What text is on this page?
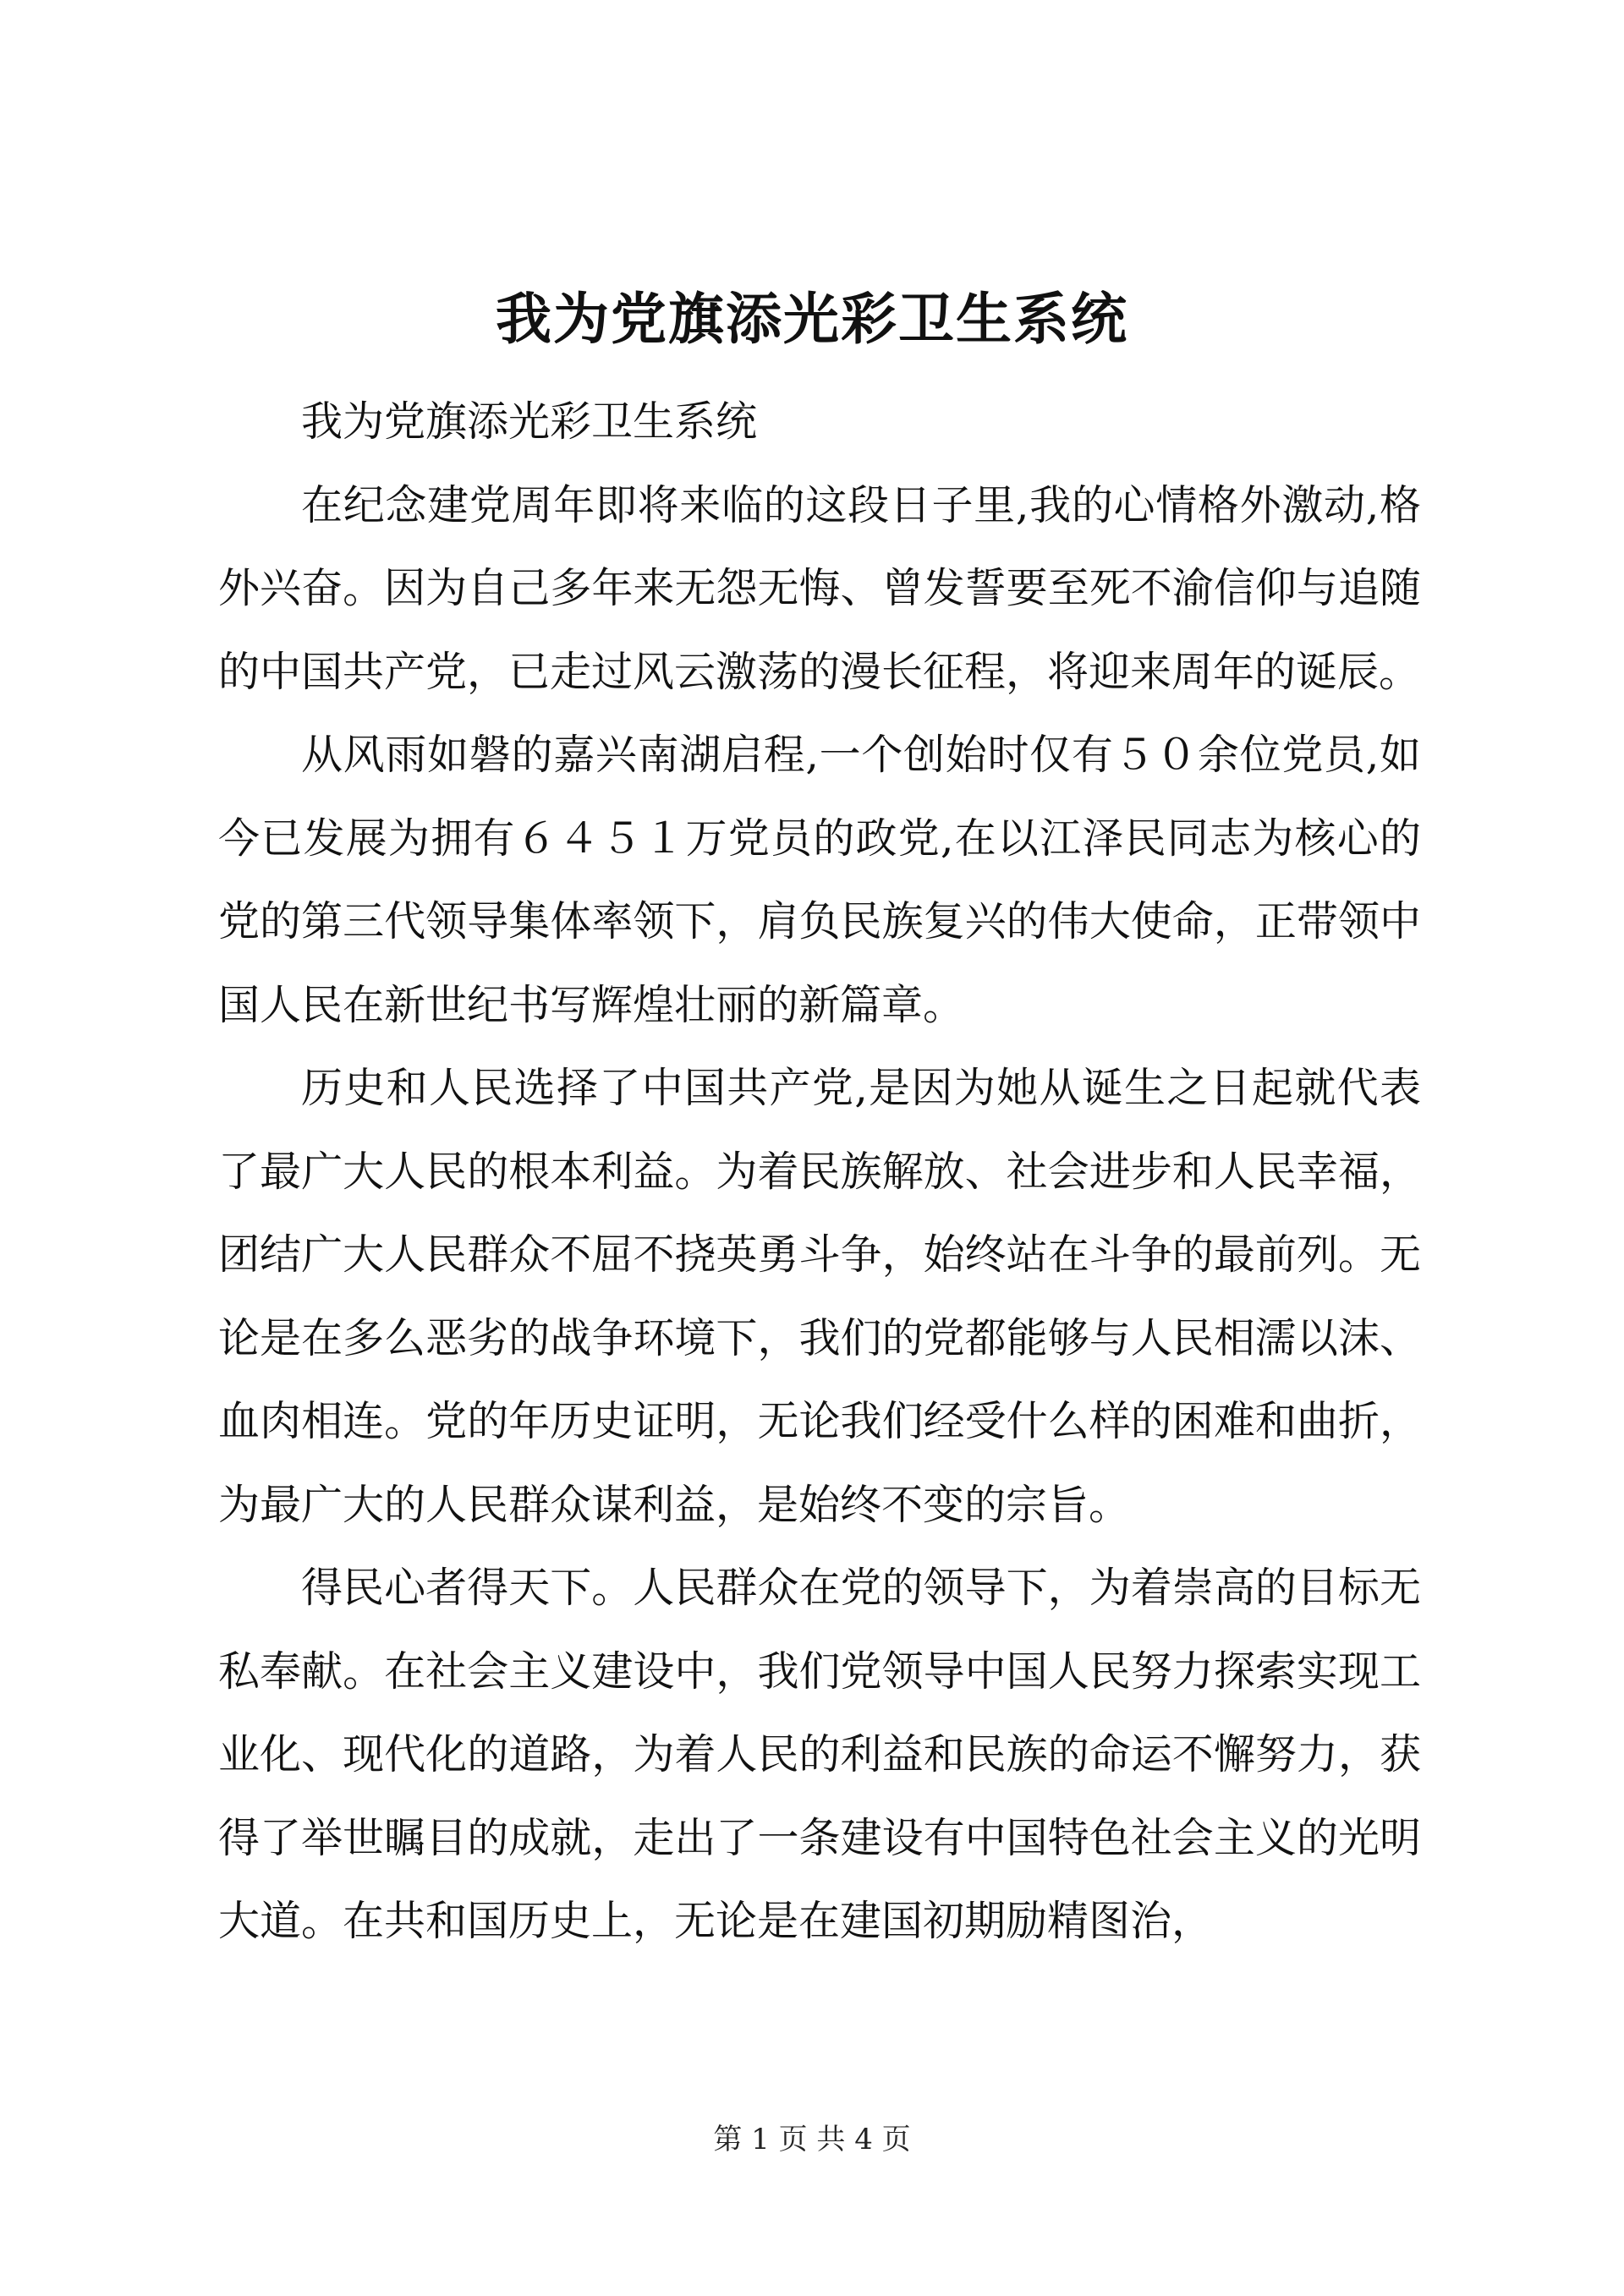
我为党旗添光彩卫生系统

我为党旗添光彩卫生系统

在纪念建党周年即将来临的这段日子里,我的心情格外激动,格外兴奋。因为自己多年来无怨无悔、曾发誓要至死不渝信仰与追随的中国共产党，已走过风云激荡的漫长征程，将迎来周年的诞辰。

从风雨如磐的嘉兴南湖启程,一个创始时仅有５０余位党员,如今已发展为拥有６４５１万党员的政党,在以江泽民同志为核心的党的第三代领导集体率领下，肩负民族复兴的伟大使命，正带领中国人民在新世纪书写辉煌壮丽的新篇章。

历史和人民选择了中国共产党,是因为她从诞生之日起就代表了最广大人民的根本利益。为着民族解放、社会进步和人民幸福，团结广大人民群众不屈不挠英勇斗争，始终站在斗争的最前列。无论是在多么恶劣的战争环境下，我们的党都能够与人民相濡以沫、血肉相连。党的年历史证明，无论我们经受什么样的困难和曲折，为最广大的人民群众谋利益，是始终不变的宗旨。

得民心者得天下。人民群众在党的领导下，为着崇高的目标无私奉献。在社会主义建设中，我们党领导中国人民努力探索实现工业化、现代化的道路，为着人民的利益和民族的命运不懈努力，获得了举世瞩目的成就，走出了一条建设有中国特色社会主义的光明大道。在共和国历史上，无论是在建国初期励精图治，

第 1 页 共 4 页
